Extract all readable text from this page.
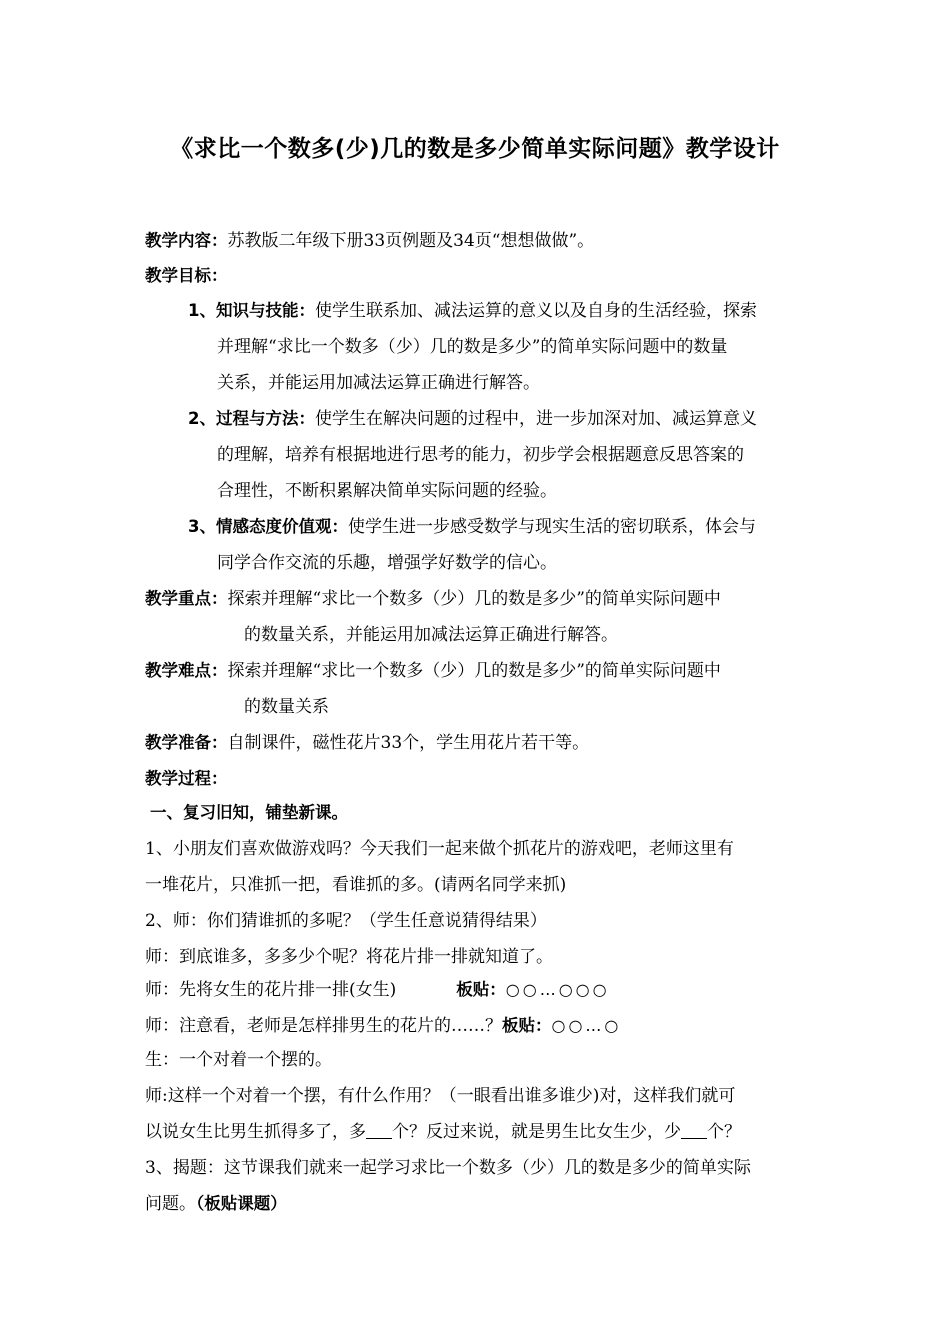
《求比一个数多(少)几的数是多少简单实际问题》教学设计
教学内容：苏教版二年级下册33页例题及34页“想想做做”。
教学目标：
1、知识与技能：使学生联系加、减法运算的意义以及自身的生活经验，探索
并理解“求比一个数多（少）几的数是多少”的简单实际问题中的数量
关系，并能运用加减法运算正确进行解答。
2、过程与方法：使学生在解决问题的过程中，进一步加深对加、减运算意义
的理解，培养有根据地进行思考的能力，初步学会根据题意反思答案的
合理性，不断积累解决简单实际问题的经验。
3、情感态度价值观：使学生进一步感受数学与现实生活的密切联系，体会与
同学合作交流的乐趣，增强学好数学的信心。
教学重点：探索并理解“求比一个数多（少）几的数是多少”的简单实际问题中
的数量关系，并能运用加减法运算正确进行解答。
教学难点：探索并理解“求比一个数多（少）几的数是多少”的简单实际问题中
的数量关系
教学准备：自制课件，磁性花片33个，学生用花片若干等。
教学过程：
一、复习旧知，铺垫新课。
1、小朋友们喜欢做游戏吗？今天我们一起来做个抓花片的游戏吧，老师这里有
一堆花片，只准抓一把，看谁抓的多。(请两名同学来抓)
2、师：你们猜谁抓的多呢？（学生任意说猜得结果）
师：到底谁多，多多少个呢？将花片排一排就知道了。
师：先将女生的花片排一排(女生)	板贴：○○…○○○
师：注意看，老师是怎样排男生的花片的……？板贴：○○…○
生：一个对着一个摆的。
师:这样一个对着一个摆，有什么作用？（一眼看出谁多谁少)对，这样我们就可
以说女生比男生抓得多了，多 个？反过来说，就是男生比女生少，少 个？
3、揭题：这节课我们就来一起学习求比一个数多（少）几的数是多少的简单实际
问题。（板贴课题）
